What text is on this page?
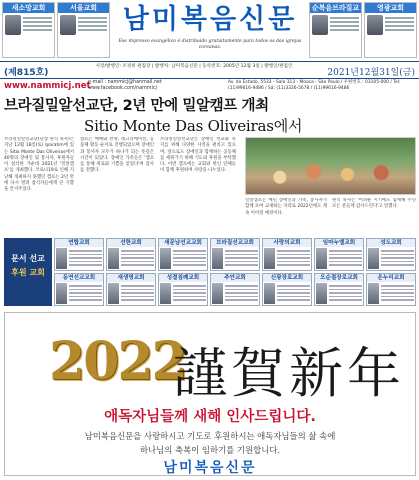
새소망교회	서울교회 남미복음신문
Ese impresso evangélico é distribuido gratuitamente para todos os das igrejas coreanas.
순복음브라질교	영광교회
(제815호)
사장/발행인: 조경희 편집장 | 발행처: 남미복음신문 | 등록번호: 2005년 12월 3일 | 발행인/편집인
2021년12월31일(금)
www.nammicj.net
e-mail : nammicj@hanmail.net
www.facebook.com/nammicj
Av. do Estado, 5533 - Sala 313 - Mooca - São Paulo / 우편번호 : 03105-000 / Tel: (11)99616-9486 / Sá: (11)3326-5678 / (11)99616-9486
브라질밀알선교단, 2년 만에 밀알캠프 개최
Sitio Monte Das Oliveiras에서
브라질밀알선교단(단장 원석 목사)은 지난 12월 18일(토) Iparatim에 있는 Sitio Monte Das Oliveiras에서 40명의 장애인 및 봉사자, 후원자들이 참석한 가운데 2021년 '밀알캠프'를 개최했다. 코로나19로 인해 지난해 개최하지 못했던 캠프는 2년 만에 다시 열려 참석자들에게 큰 기쁨을 안겨주었다.
캠프는 예배와 찬양, 레크리에이션, 공동체 활동 순서로 진행되었으며 장애인과 봉사자 모두가 하나가 되는 뜻깊은 시간이 되었다. 장애인 가족들은 '캠프를 통해 위로와 기쁨을 얻었다'며 감사를 전했다.
브라질밀알선교단은 장애인 선교와 복지를 위해 다양한 사역을 펼치고 있으며, 앞으로도 장애인과 함께하는 공동체를 세워가기 위해 기도와 후원을 부탁했다. 이번 캠프에는 교회와 한인 단체들이 함께 후원하며 사랑을 나누었다.
밀알캠프는 매년 장애인과 가족, 봉사자가 함께 모여 교제하는 자리로 2022년에도 계속 이어질 예정이다.
원석 목사는 '어려운 시기에도 함께해 주신 모든 분들께 감사드린다'고 말했다.
문서 선교
후원 교회
연합교회	선한교회	새문남선교교회	브라질선교교회	사랑의교회	임마누엘교회	성도교회
동연선교교회	새생명교회	성결침례교회	주안교회	신광장로교회	오순절장로교회	온누리교회
2022
謹賀新年
애독자님들께 새해 인사드립니다.
남미복음신문을 사랑하시고 기도로 후원하시는 애독자님들의 삶 속에
하나님의 축복이 임하기를 기원합니다.
남미복음신문
